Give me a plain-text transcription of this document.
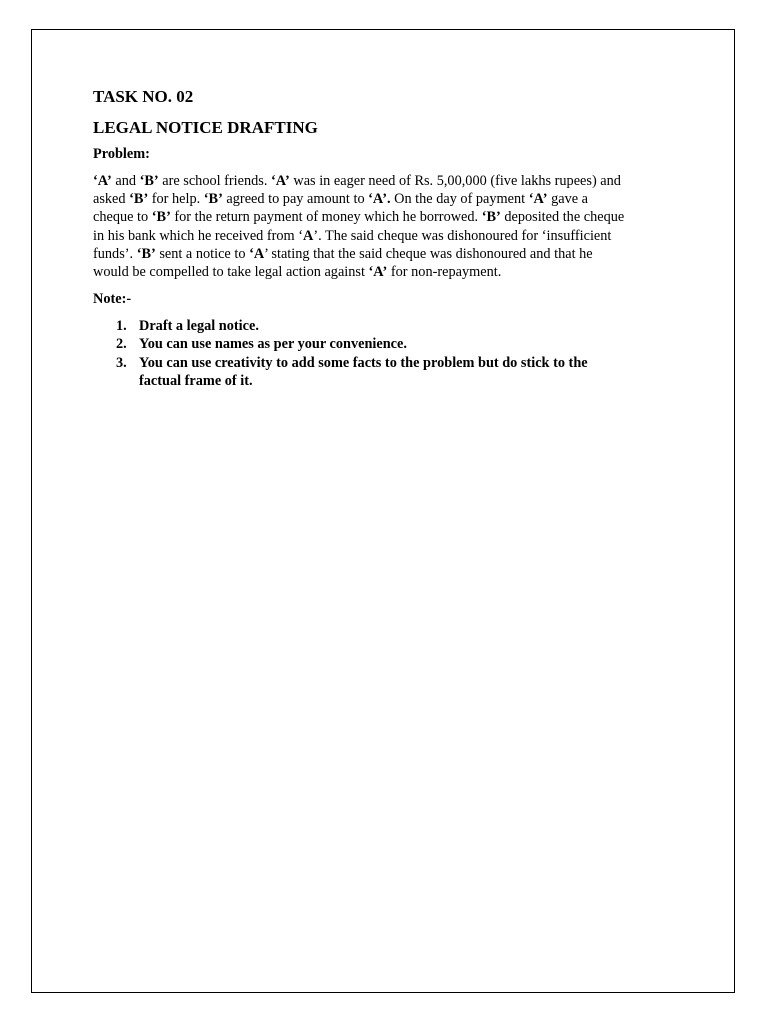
TASK NO. 02
LEGAL NOTICE DRAFTING
Problem:
‘A’ and ‘B’ are school friends. ‘A’ was in eager need of Rs. 5,00,000 (five lakhs rupees) and
asked ‘B’ for help. ‘B’ agreed to pay amount to ‘A’. On the day of payment ‘A’ gave a
cheque to ‘B’ for the return payment of money which he borrowed. ‘B’ deposited the cheque
in his bank which he received from ‘A’. The said cheque was dishonoured for ‘insufficient
funds’. ‘B’ sent a notice to ‘A’ stating that the said cheque was dishonoured and that he
would be compelled to take legal action against ‘A’ for non-repayment.
Note:-
1. Draft a legal notice.
2. You can use names as per your convenience.
3. You can use creativity to add some facts to the problem but do stick to the
factual frame of it.
